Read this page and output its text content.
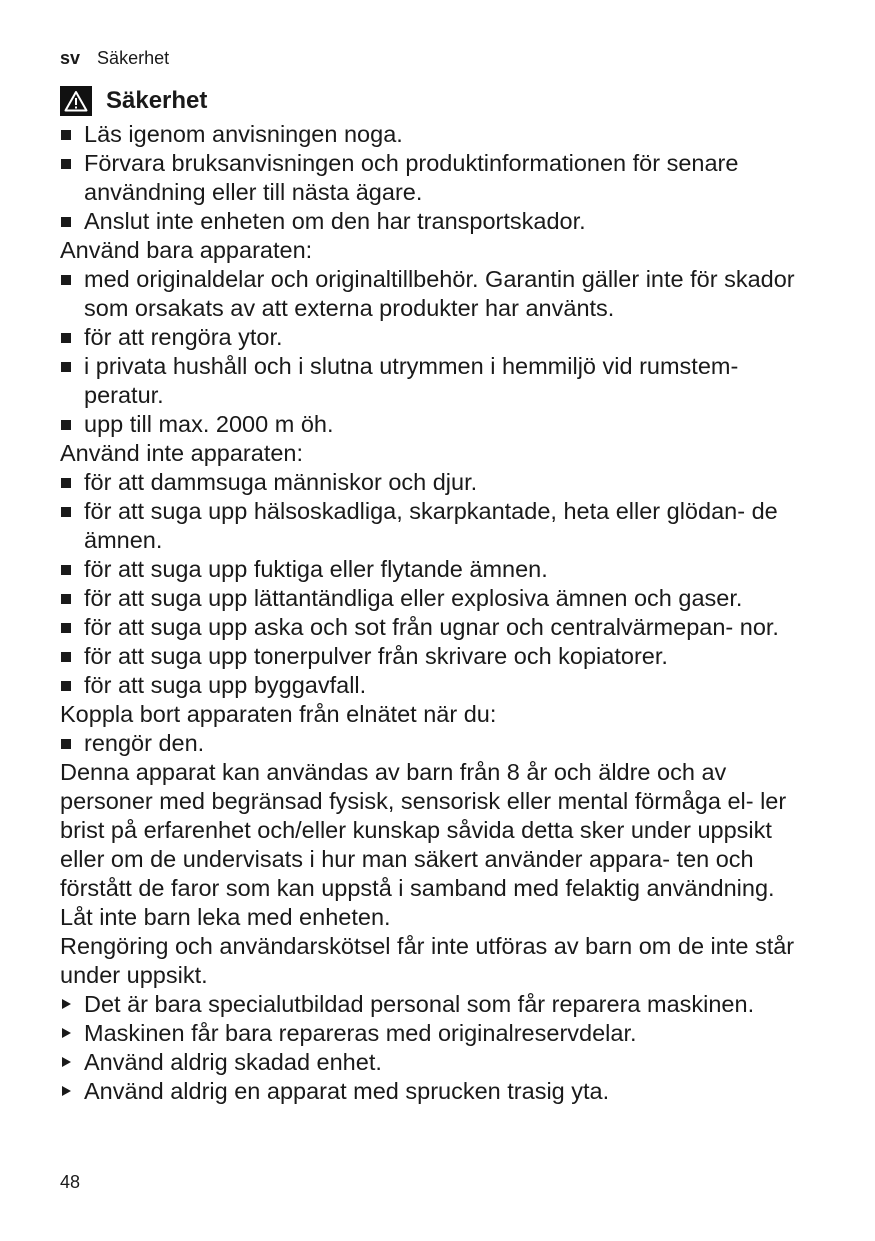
sv Säkerhet
Säkerhet
Läs igenom anvisningen noga.
Förvara bruksanvisningen och produktinformationen för senare användning eller till nästa ägare.
Anslut inte enheten om den har transportskador.

Använd bara apparaten:

med originaldelar och originaltillbehör. Garantin gäller inte för skador som orsakats av att externa produkter har använts.
för att rengöra ytor.
i privata hushåll och i slutna utrymmen i hemmiljö vid rumstem- peratur.
upp till max. 2000 m öh.

Använd inte apparaten:

för att dammsuga människor och djur.
för att suga upp hälsoskadliga, skarpkantade, heta eller glödan- de ämnen.
för att suga upp fuktiga eller flytande ämnen.
för att suga upp lättantändliga eller explosiva ämnen och gaser.
för att suga upp aska och sot från ugnar och centralvärmepan- nor.
för att suga upp tonerpulver från skrivare och kopiatorer.
för att suga upp byggavfall.

Koppla bort apparaten från elnätet när du:

rengör den.

Denna apparat kan användas av barn från 8 år och äldre och av personer med begränsad fysisk, sensorisk eller mental förmåga el- ler brist på erfarenhet och/eller kunskap såvida detta sker under uppsikt eller om de undervisats i hur man säkert använder appara- ten och förstått de faror som kan uppstå i samband med felaktig användning.

Låt inte barn leka med enheten.

Rengöring och användarskötsel får inte utföras av barn om de inte står under uppsikt.

Det är bara specialutbildad personal som får reparera maskinen.
Maskinen får bara repareras med originalreservdelar.
Använd aldrig skadad enhet.
Använd aldrig en apparat med sprucken trasig yta.
48
